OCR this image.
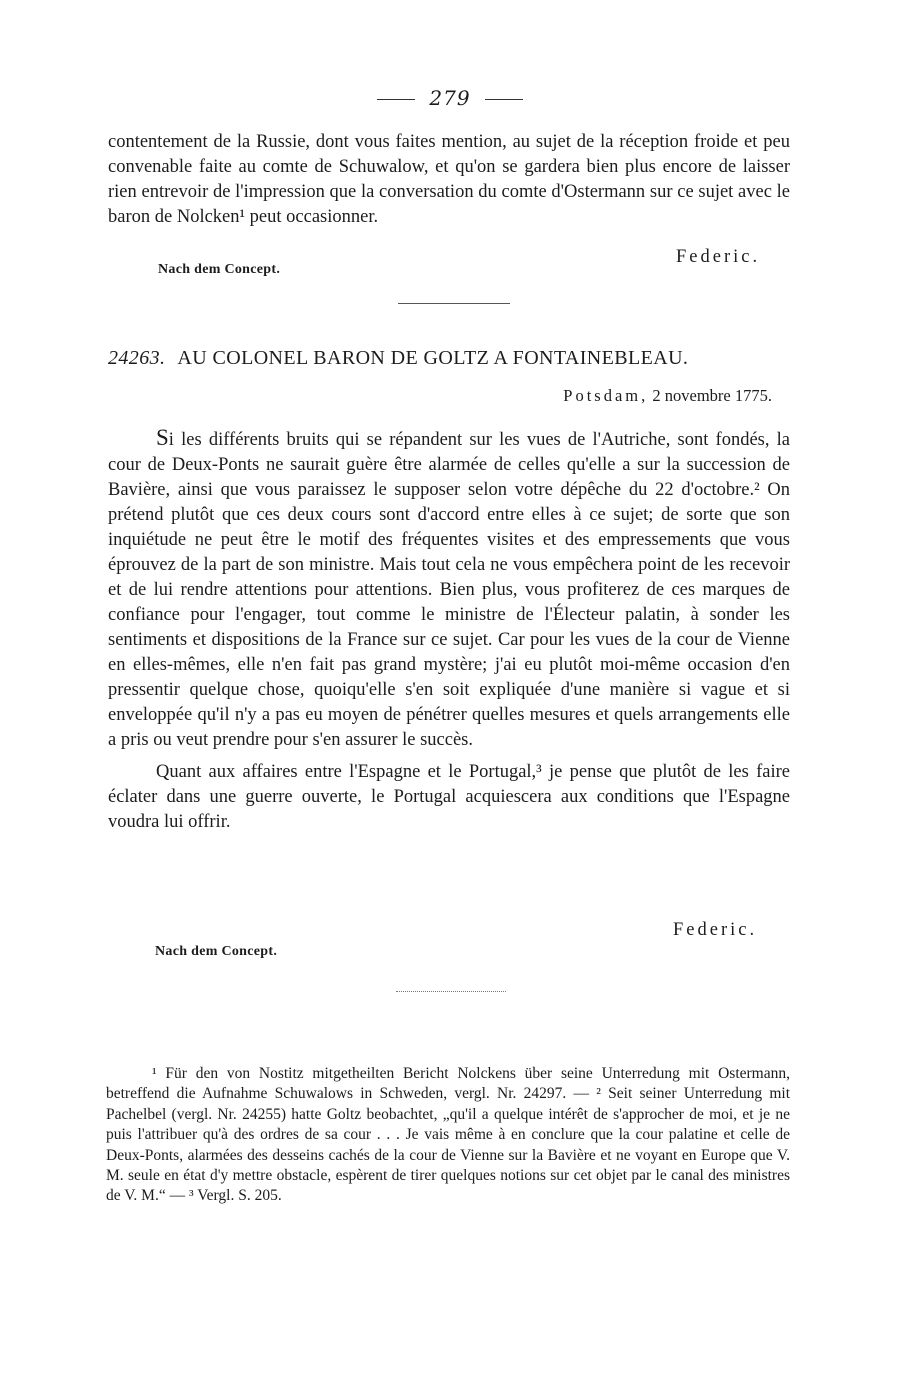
279

contentement de la Russie, dont vous faites mention, au sujet de la réception froide et peu convenable faite au comte de Schuwalow, et qu'on se gardera bien plus encore de laisser rien entrevoir de l'impression que la conversation du comte d'Ostermann sur ce sujet avec le baron de Nolcken¹ peut occasionner.

Federic.
Nach dem Concept.
24263. AU COLONEL BARON DE GOLTZ A FONTAINEBLEAU.
Potsdam, 2 novembre 1775.

Si les différents bruits qui se répandent sur les vues de l'Autriche, sont fondés, la cour de Deux-Ponts ne saurait guère être alarmée de celles qu'elle a sur la succession de Bavière, ainsi que vous paraissez le supposer selon votre dépêche du 22 d'octobre.² On prétend plutôt que ces deux cours sont d'accord entre elles à ce sujet; de sorte que son inquiétude ne peut être le motif des fréquentes visites et des empressements que vous éprouvez de la part de son ministre. Mais tout cela ne vous empêchera point de les recevoir et de lui rendre attentions pour attentions. Bien plus, vous profiterez de ces marques de confiance pour l'engager, tout comme le ministre de l'Électeur palatin, à sonder les sentiments et dispositions de la France sur ce sujet. Car pour les vues de la cour de Vienne en elles-mêmes, elle n'en fait pas grand mystère; j'ai eu plutôt moi-même occasion d'en pressentir quelque chose, quoiqu'elle s'en soit expliquée d'une manière si vague et si enveloppée qu'il n'y a pas eu moyen de pénétrer quelles mesures et quels arrangements elle a pris ou veut prendre pour s'en assurer le succès.

Quant aux affaires entre l'Espagne et le Portugal,³ je pense que plutôt de les faire éclater dans une guerre ouverte, le Portugal acquiescera aux conditions que l'Espagne voudra lui offrir.

Federic.
Nach dem Concept.

¹ Für den von Nostitz mitgetheilten Bericht Nolckens über seine Unterredung mit Ostermann, betreffend die Aufnahme Schuwalows in Schweden, vergl. Nr. 24297. — ² Seit seiner Unterredung mit Pachelbel (vergl. Nr. 24255) hatte Goltz beobachtet, „qu'il a quelque intérêt de s'approcher de moi, et je ne puis l'attribuer qu'à des ordres de sa cour . . . Je vais même à en conclure que la cour palatine et celle de Deux-Ponts, alarmées des desseins cachés de la cour de Vienne sur la Bavière et ne voyant en Europe que V. M. seule en état d'y mettre obstacle, espèrent de tirer quelques notions sur cet objet par le canal des ministres de V. M.“ — ³ Vergl. S. 205.
